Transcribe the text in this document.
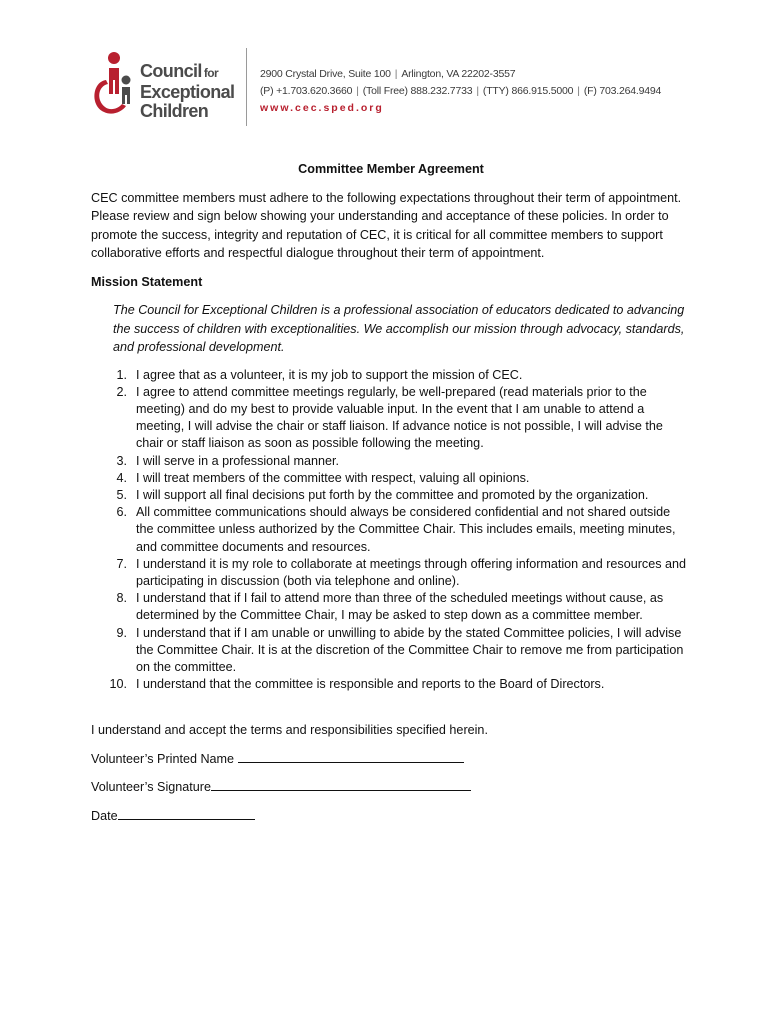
Council for
Exceptional
Children
2900 Crystal Drive, Suite 100 | Arlington, VA 22202-3557
(P) +1.703.620.3660 | (Toll Free) 888.232.7733 | (TTY) 866.915.5000 | (F) 703.264.9494
www.cec.sped.org
Committee Member Agreement

CEC committee members must adhere to the following expectations throughout their term of appointment. Please review and sign below showing your understanding and acceptance of these policies. In order to promote the success, integrity and reputation of CEC, it is critical for all committee members to support collaborative efforts and respectful dialogue throughout their term of appointment.

Mission Statement

The Council for Exceptional Children is a professional association of educators dedicated to advancing the success of children with exceptionalities. We accomplish our mission through advocacy, standards, and professional development.

1. I agree that as a volunteer, it is my job to support the mission of CEC.
2. I agree to attend committee meetings regularly, be well-prepared (read materials prior to the meeting) and do my best to provide valuable input. In the event that I am unable to attend a meeting, I will advise the chair or staff liaison. If advance notice is not possible, I will advise the chair or staff liaison as soon as possible following the meeting.
3. I will serve in a professional manner.
4. I will treat members of the committee with respect, valuing all opinions.
5. I will support all final decisions put forth by the committee and promoted by the organization.
6. All committee communications should always be considered confidential and not shared outside the committee unless authorized by the Committee Chair. This includes emails, meeting minutes, and committee documents and resources.
7. I understand it is my role to collaborate at meetings through offering information and resources and participating in discussion (both via telephone and online).
8. I understand that if I fail to attend more than three of the scheduled meetings without cause, as determined by the Committee Chair, I may be asked to step down as a committee member.
9. I understand that if I am unable or unwilling to abide by the stated Committee policies, I will advise the Committee Chair. It is at the discretion of the Committee Chair to remove me from participation on the committee.
10. I understand that the committee is responsible and reports to the Board of Directors.

I understand and accept the terms and responsibilities specified herein.

Volunteer’s Printed Name
Volunteer’s Signature
Date
